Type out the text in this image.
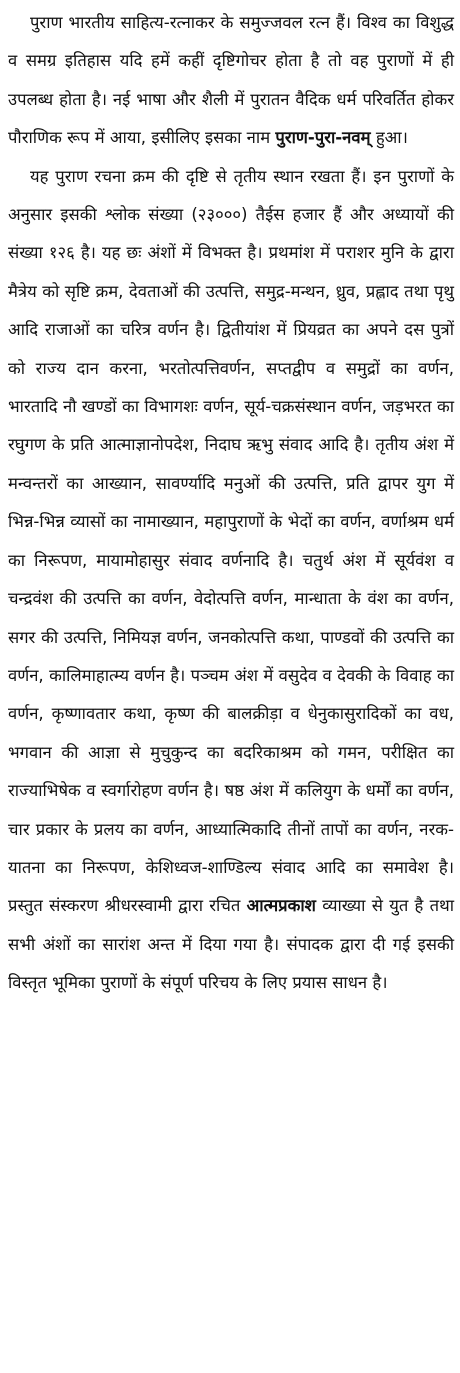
पुराण भारतीय साहित्य-रत्नाकर के समुज्जवल रत्न हैं। विश्व का विशुद्ध व समग्र इतिहास यदि हमें कहीं दृष्टिगोचर होता है तो वह पुराणों में ही उपलब्ध होता है। नई भाषा और शैली में पुरातन वैदिक धर्म परिवर्तित होकर पौराणिक रूप में आया, इसीलिए इसका नाम पुराण-पुरा-नवम् हुआ।

यह पुराण रचना क्रम की दृष्टि से तृतीय स्थान रखता हैं। इन पुराणों के अनुसार इसकी श्लोक संख्या (२३०००) तैईस हजार हैं और अध्यायों की संख्या १२६ है। यह छः अंशों में विभक्त है। प्रथमांश में पराशर मुनि के द्वारा मैत्रेय को सृष्टि क्रम, देवताओं की उत्पत्ति, समुद्र-मन्थन, ध्रुव, प्रह्लाद तथा पृथु आदि राजाओं का चरित्र वर्णन है। द्वितीयांश में प्रियव्रत का अपने दस पुत्रों को राज्य दान करना, भरतोत्पत्तिवर्णन, सप्तद्वीप व समुद्रों का वर्णन, भारतादि नौ खण्डों का विभागशः वर्णन, सूर्य-चक्रसंस्थान वर्णन, जड़भरत का रघुगण के प्रति आत्माज्ञानोपदेश, निदाघ ऋभु संवाद आदि है। तृतीय अंश में मन्वन्तरों का आख्यान, सावर्ण्यादि मनुओं की उत्पत्ति, प्रति द्वापर युग में भिन्न-भिन्न व्यासों का नामाख्यान, महापुराणों के भेदों का वर्णन, वर्णाश्रम धर्म का निरूपण, मायामोहासुर संवाद वर्णनादि है। चतुर्थ अंश में सूर्यवंश व चन्द्रवंश की उत्पत्ति का वर्णन, वेदोत्पत्ति वर्णन, मान्धाता के वंश का वर्णन, सगर की उत्पत्ति, निमियज्ञ वर्णन, जनकोत्पत्ति कथा, पाण्डवों की उत्पत्ति का वर्णन, कालिमाहात्म्य वर्णन है। पञ्चम अंश में वसुदेव व देवकी के विवाह का वर्णन, कृष्णावतार कथा, कृष्ण की बालक्रीड़ा व धेनुकासुरादिकों का वध, भगवान की आज्ञा से मुचुकुन्द का बदरिकाश्रम को गमन, परीक्षित का राज्याभिषेक व स्वर्गारोहण वर्णन है। षष्ठ अंश में कलियुग के धर्मों का वर्णन, चार प्रकार के प्रलय का वर्णन, आध्यात्मिकादि तीनों तापों का वर्णन, नरक-यातना का निरूपण, केशिध्वज-शाण्डिल्य संवाद आदि का समावेश है। प्रस्तुत संस्करण श्रीधरस्वामी द्वारा रचित आत्मप्रकाश व्याख्या से युत है तथा सभी अंशों का सारांश अन्त में दिया गया है। संपादक द्वारा दी गई इसकी विस्तृत भूमिका पुराणों के संपूर्ण परिचय के लिए प्रयास साधन है।
